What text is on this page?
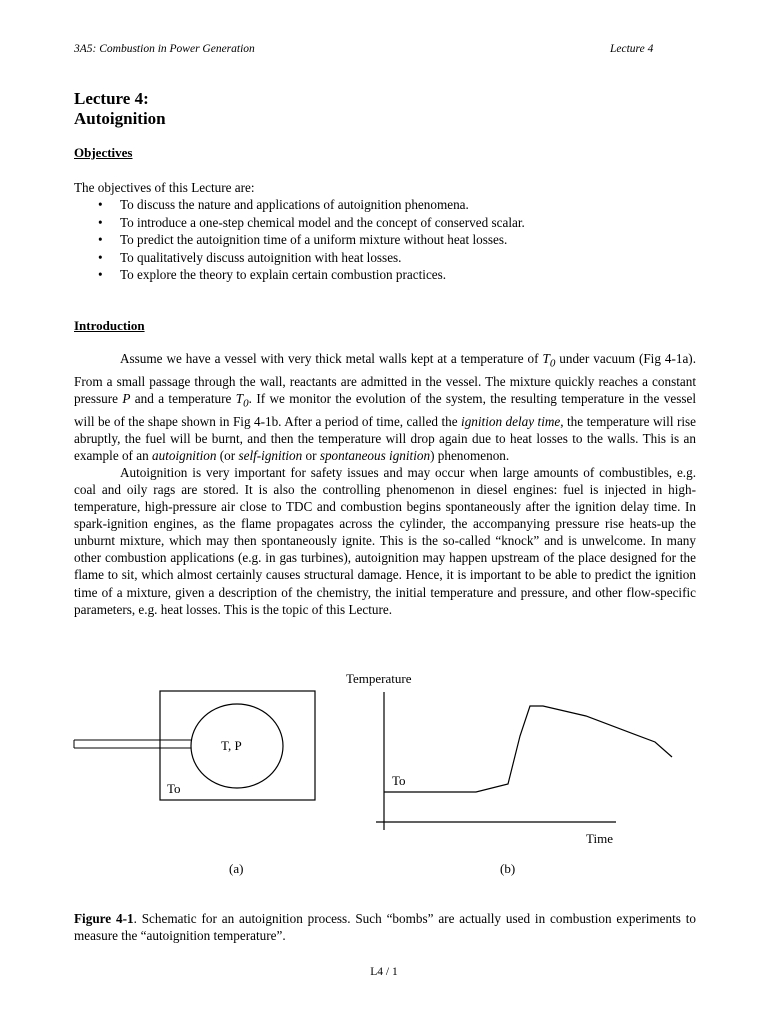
3A5: Combustion in Power Generation	Lecture 4
Lecture 4:
Autoignition
Objectives
The objectives of this Lecture are:
• To discuss the nature and applications of autoignition phenomena.
• To introduce a one-step chemical model and the concept of conserved scalar.
• To predict the autoignition time of a uniform mixture without heat losses.
• To qualitatively discuss autoignition with heat losses.
• To explore the theory to explain certain combustion practices.
Introduction

Assume we have a vessel with very thick metal walls kept at a temperature of $T_0$ under vacuum (Fig 4-1a). From a small passage through the wall, reactants are admitted in the vessel. The mixture quickly reaches a constant pressure P and a temperature $T_0$. If we monitor the evolution of the system, the resulting temperature in the vessel will be of the shape shown in Fig 4-1b. After a period of time, called the ignition delay time, the temperature will rise abruptly, the fuel will be burnt, and then the temperature will drop again due to heat losses to the walls. This is an example of an autoignition (or self-ignition or spontaneous ignition) phenomenon.

Autoignition is very important for safety issues and may occur when large amounts of combustibles, e.g. coal and oily rags are stored. It is also the controlling phenomenon in diesel engines: fuel is injected in high-temperature, high-pressure air close to TDC and combustion begins spontaneously after the ignition delay time. In spark-ignition engines, as the flame propagates across the cylinder, the accompanying pressure rise heats-up the unburnt mixture, which may then spontaneously ignite. This is the so-called “knock” and is unwelcome. In many other combustion applications (e.g. in gas turbines), autoignition may happen upstream of the place designed for the flame to sit, which almost certainly causes structural damage. Hence, it is important to be able to predict the ignition time of a mixture, given a description of the chemistry, the initial temperature and pressure, and other flow-specific parameters, e.g. heat losses. This is the topic of this Lecture.

T, P
To
(a)
Temperature
To
Time
(b)
Figure 4-1. Schematic for an autoignition process. Such “bombs” are actually used in combustion experiments to measure the “autoignition temperature”.
L4 / 1
